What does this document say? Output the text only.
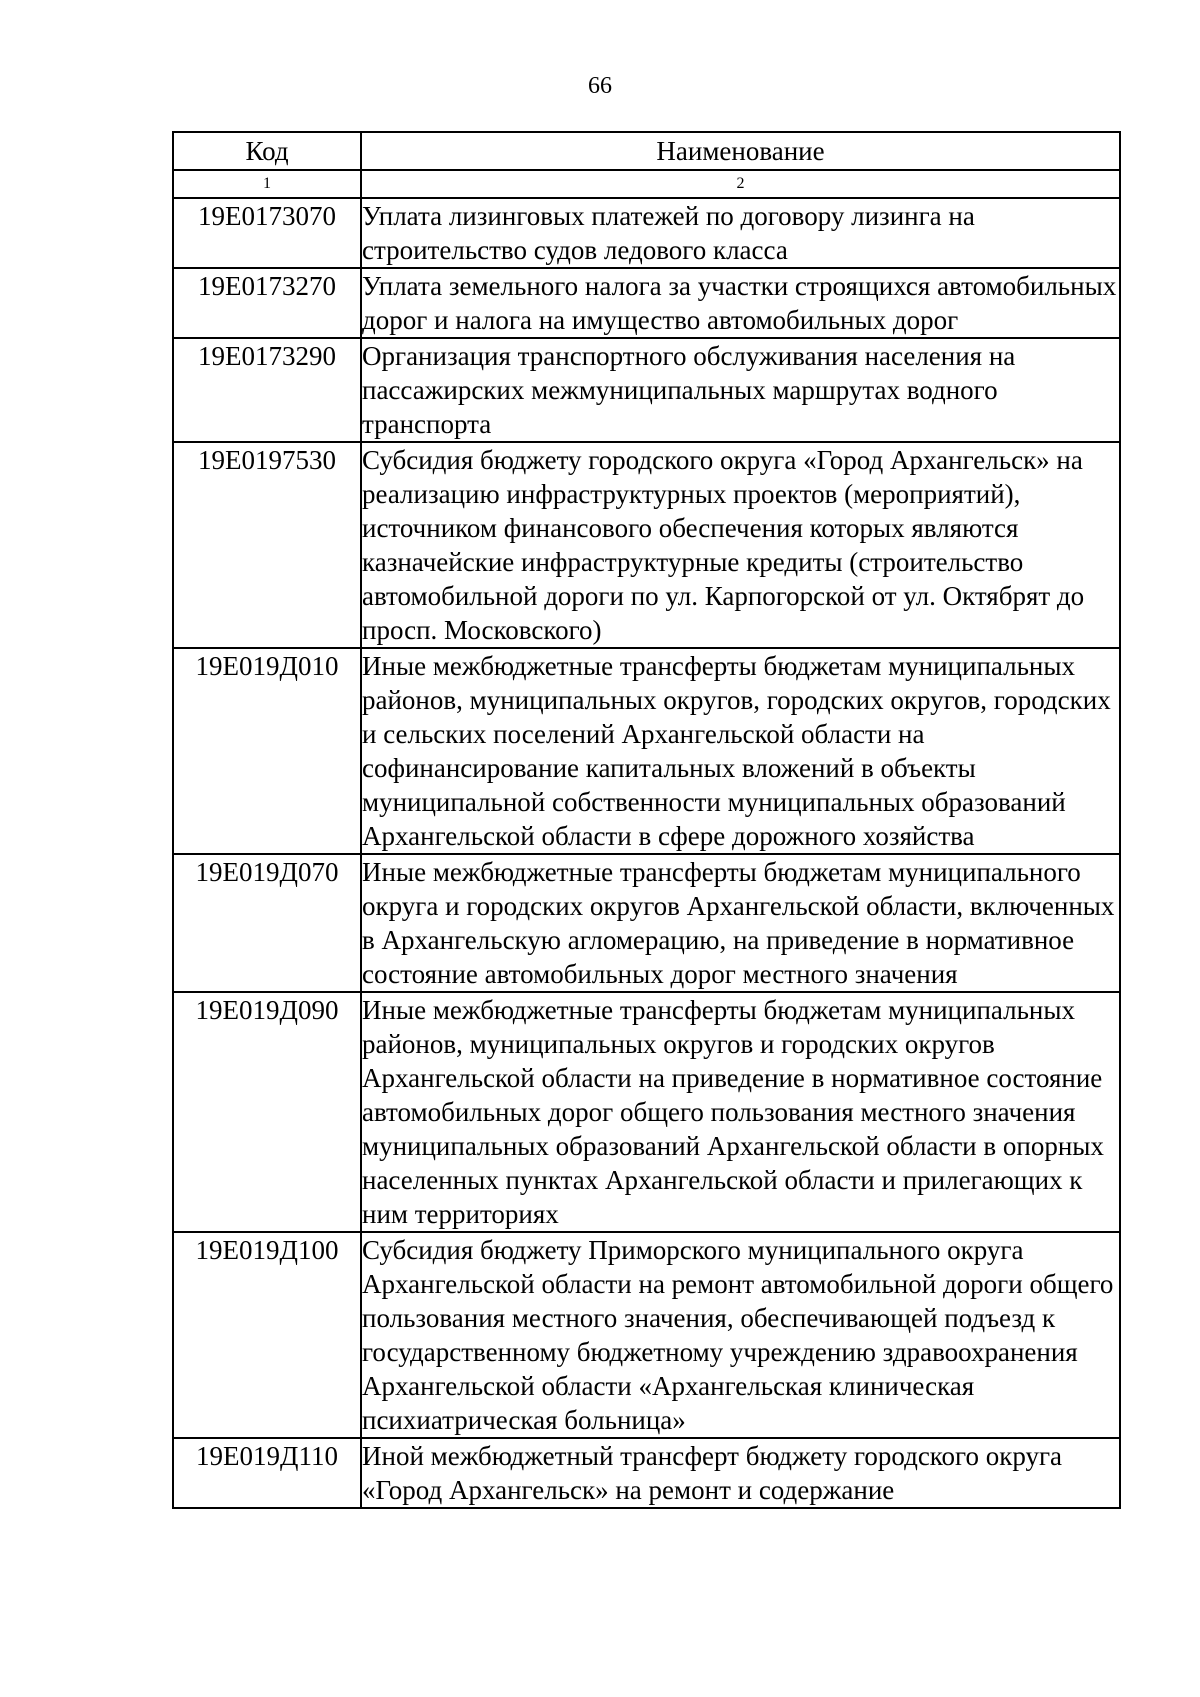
66
Код	Наименование
1	2
19E0173070	Уплата лизинговых платежей по договору лизинга на строительство судов ледового класса
19E0173270	Уплата земельного налога за участки строящихся автомобильных дорог и налога на имущество автомобильных дорог
19E0173290	Организация транспортного обслуживания населения на пассажирских межмуниципальных маршрутах водного транспорта
19E0197530	Субсидия бюджету городского округа «Город Архангельск» на реализацию инфраструктурных проектов (мероприятий), источником финансового обеспечения которых являются казначейские инфраструктурные кредиты (строительство автомобильной дороги по ул. Карпогорской от ул. Октябрят до просп. Московского)
19E019Д010	Иные межбюджетные трансферты бюджетам муниципальных районов, муниципальных округов, городских округов, городских и сельских поселений Архангельской области на софинансирование капитальных вложений в объекты муниципальной собственности муниципальных образований Архангельской области в сфере дорожного хозяйства
19E019Д070	Иные межбюджетные трансферты бюджетам муниципального округа и городских округов Архангельской области, включенных в Архангельскую агломерацию, на приведение в нормативное состояние автомобильных дорог местного значения
19E019Д090	Иные межбюджетные трансферты бюджетам муниципальных районов, муниципальных округов и городских округов Архангельской области на приведение в нормативное состояние автомобильных дорог общего пользования местного значения муниципальных образований Архангельской области в опорных населенных пунктах Архангельской области и прилегающих к ним территориях
19E019Д100	Субсидия бюджету Приморского муниципального округа Архангельской области на ремонт автомобильной дороги общего пользования местного значения, обеспечивающей подъезд к государственному бюджетному учреждению здравоохранения Архангельской области «Архангельская клиническая психиатрическая больница»
19E019Д110	Иной межбюджетный трансферт бюджету городского округа «Город Архангельск» на ремонт и содержание
